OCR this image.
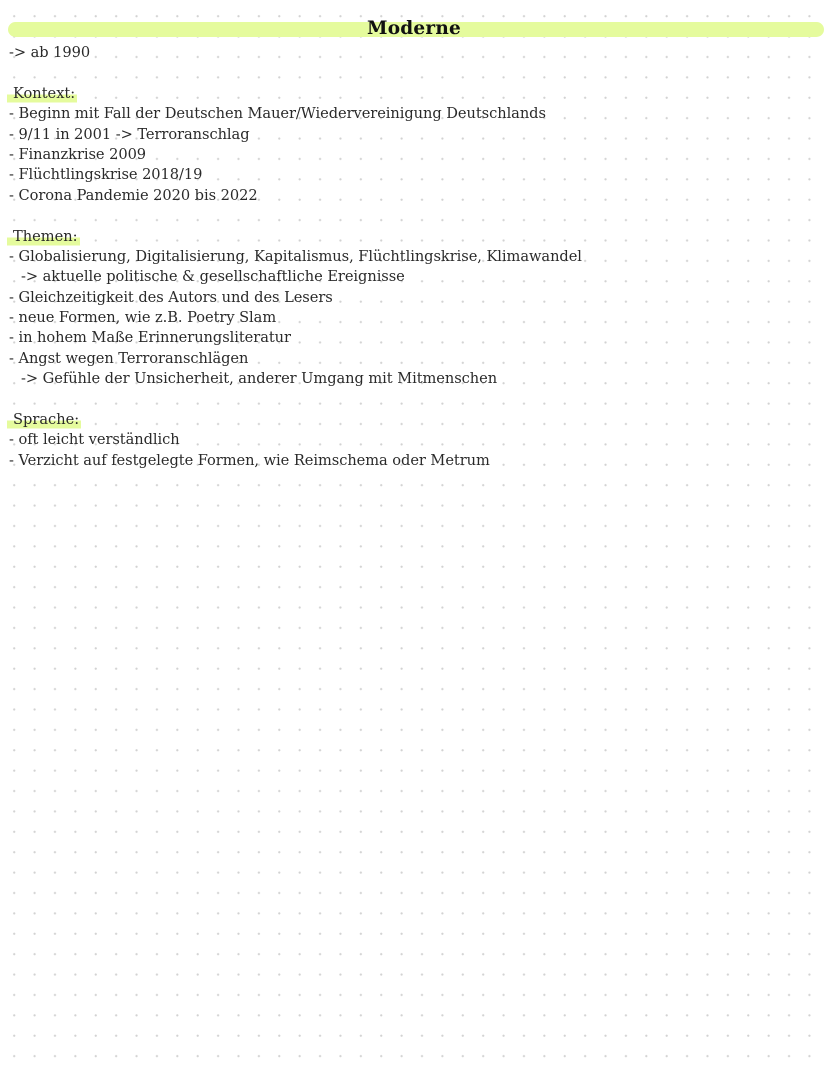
Moderne
-> ab 1990
Kontext:
- Beginn mit Fall der Deutschen Mauer/Wiedervereinigung Deutschlands
- 9/11 in 2001 -> Terroranschlag
- Finanzkrise 2009
- Flüchtlingskrise 2018/19
- Corona Pandemie 2020 bis 2022
Themen:
- Globalisierung, Digitalisierung, Kapitalismus, Flüchtlingskrise, Klimawandel
-> aktuelle politische & gesellschaftliche Ereignisse
- Gleichzeitigkeit des Autors und des Lesers
- neue Formen, wie z.B. Poetry Slam
- in hohem Maße Erinnerungsliteratur
- Angst wegen Terroranschlägen
-> Gefühle der Unsicherheit, anderer Umgang mit Mitmenschen
Sprache:
- oft leicht verständlich
- Verzicht auf festgelegte Formen, wie Reimschema oder Metrum
